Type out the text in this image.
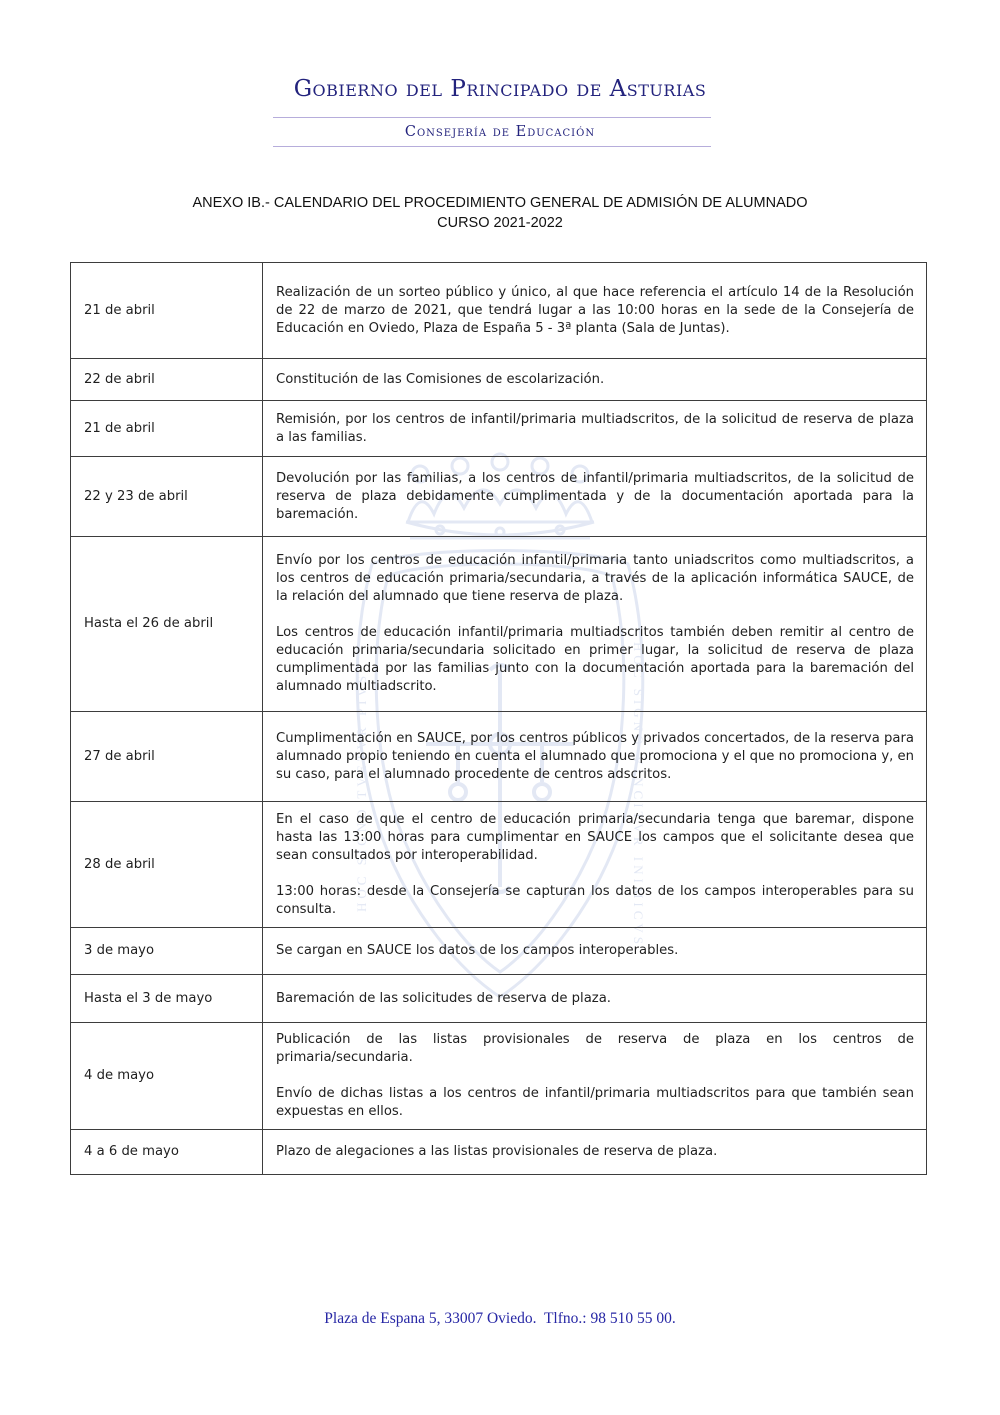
HOC SIGNO TVETVR PIVS	HOC SIGNO VINCITVR INIMICVS
Gobierno del Principado de Asturias
Consejería de Educación
ANEXO IB.- CALENDARIO DEL PROCEDIMIENTO GENERAL DE ADMISIÓN DE ALUMNADO
CURSO 2021-2022
21 de abril	Realización de un sorteo público y único, al que hace referencia el artículo 14 de la Resolución de 22 de marzo de 2021, que tendrá lugar a las 10:00 horas en la sede de la Consejería de Educación en Oviedo, Plaza de España 5 - 3ª planta (Sala de Juntas).

22 de abril	Constitución de las Comisiones de escolarización.

21 de abril	Remisión, por los centros de infantil/primaria multiadscritos, de la solicitud de reserva de plaza a las familias.

22 y 23 de abril	Devolución por las familias, a los centros de infantil/primaria multiadscritos, de la solicitud de reserva de plaza debidamente cumplimentada y de la documentación aportada para la baremación.

Hasta el 26 de abril	Envío por los centros de educación infantil/primaria tanto uniadscritos como multiadscritos, a los centros de educación primaria/secundaria, a través de la aplicación informática SAUCE, de la relación del alumnado que tiene reserva de plaza.

Los centros de educación infantil/primaria multiadscritos también deben remitir al centro de educación primaria/secundaria solicitado en primer lugar, la solicitud de reserva de plaza cumplimentada por las familias junto con la documentación aportada para la baremación del alumnado multiadscrito.

27 de abril	Cumplimentación en SAUCE, por los centros públicos y privados concertados, de la reserva para alumnado propio teniendo en cuenta el alumnado que promociona y el que no promociona y, en su caso, para el alumnado procedente de centros adscritos.

28 de abril	En el caso de que el centro de educación primaria/secundaria tenga que baremar, dispone hasta las 13:00 horas para cumplimentar en SAUCE los campos que el solicitante desea que sean consultados por interoperabilidad.

13:00 horas: desde la Consejería se capturan los datos de los campos interoperables para su consulta.

3 de mayo	Se cargan en SAUCE los datos de los campos interoperables.

Hasta el 3 de mayo	Baremación de las solicitudes de reserva de plaza.

4 de mayo	Publicación de las listas provisionales de reserva de plaza en los centros de primaria/secundaria.

Envío de dichas listas a los centros de infantil/primaria multiadscritos para que también sean expuestas en ellos.

4 a 6 de mayo	Plazo de alegaciones a las listas provisionales de reserva de plaza.

Plaza de Espana 5, 33007 Oviedo.  Tlfno.: 98 510 55 00.
